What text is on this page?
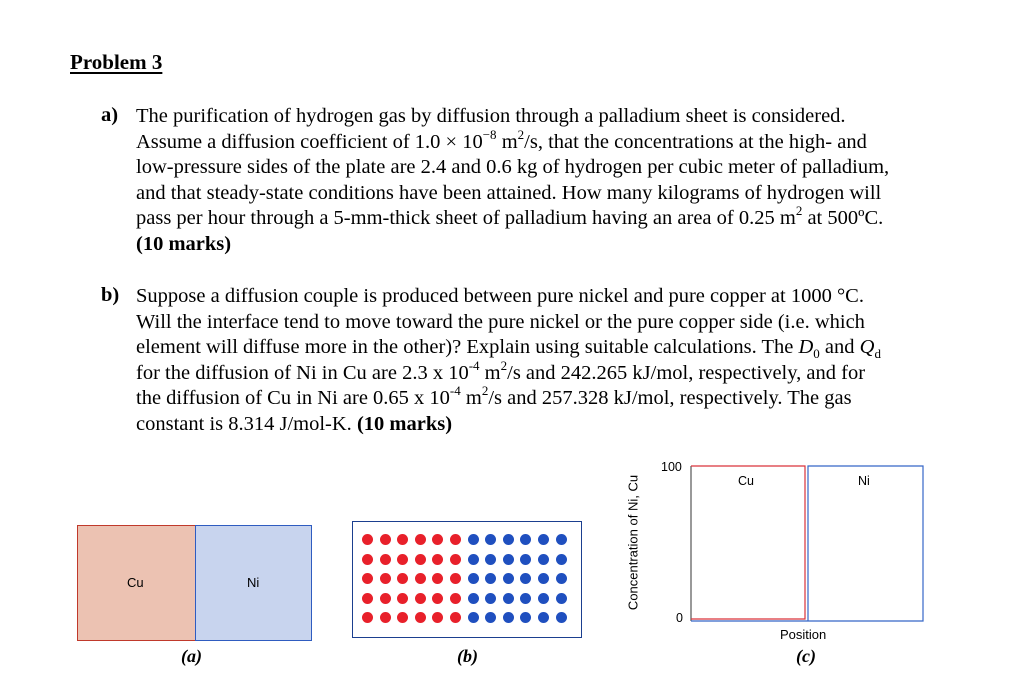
Problem 3
a) The purification of hydrogen gas by diffusion through a palladium sheet is considered.
Assume a diffusion coefficient of $1.0 \times 10^{-8}$ $m^2/s$, that the concentrations at the high- and
low-pressure sides of the plate are 2.4 and 0.6 kg of hydrogen per cubic meter of palladium,
and that steady-state conditions have been attained. How many kilograms of hydrogen will
pass per hour through a 5-mm-thick sheet of palladium having an area of 0.25 $m^2$ at 500ºC.
(10 marks)
b) Suppose a diffusion couple is produced between pure nickel and pure copper at 1000 °C.
Will the interface tend to move toward the pure nickel or the pure copper side (i.e. which
element will diffuse more in the other)? Explain using suitable calculations. The $D_0$ and $Q_d$
for the diffusion of Ni in Cu are 2.3 x $10^{-4}$ $m^2/s$ and 242.265 kJ/mol, respectively, and for
the diffusion of Cu in Ni are 0.65 x $10^{-4}$ $m^2/s$ and 257.328 kJ/mol, respectively. The gas
constant is 8.314 J/mol-K. (10 marks)
Cu	Ni
(a)	(b)
100
0
Cu	Ni
Position
Concentration of Ni, Cu
(c)
